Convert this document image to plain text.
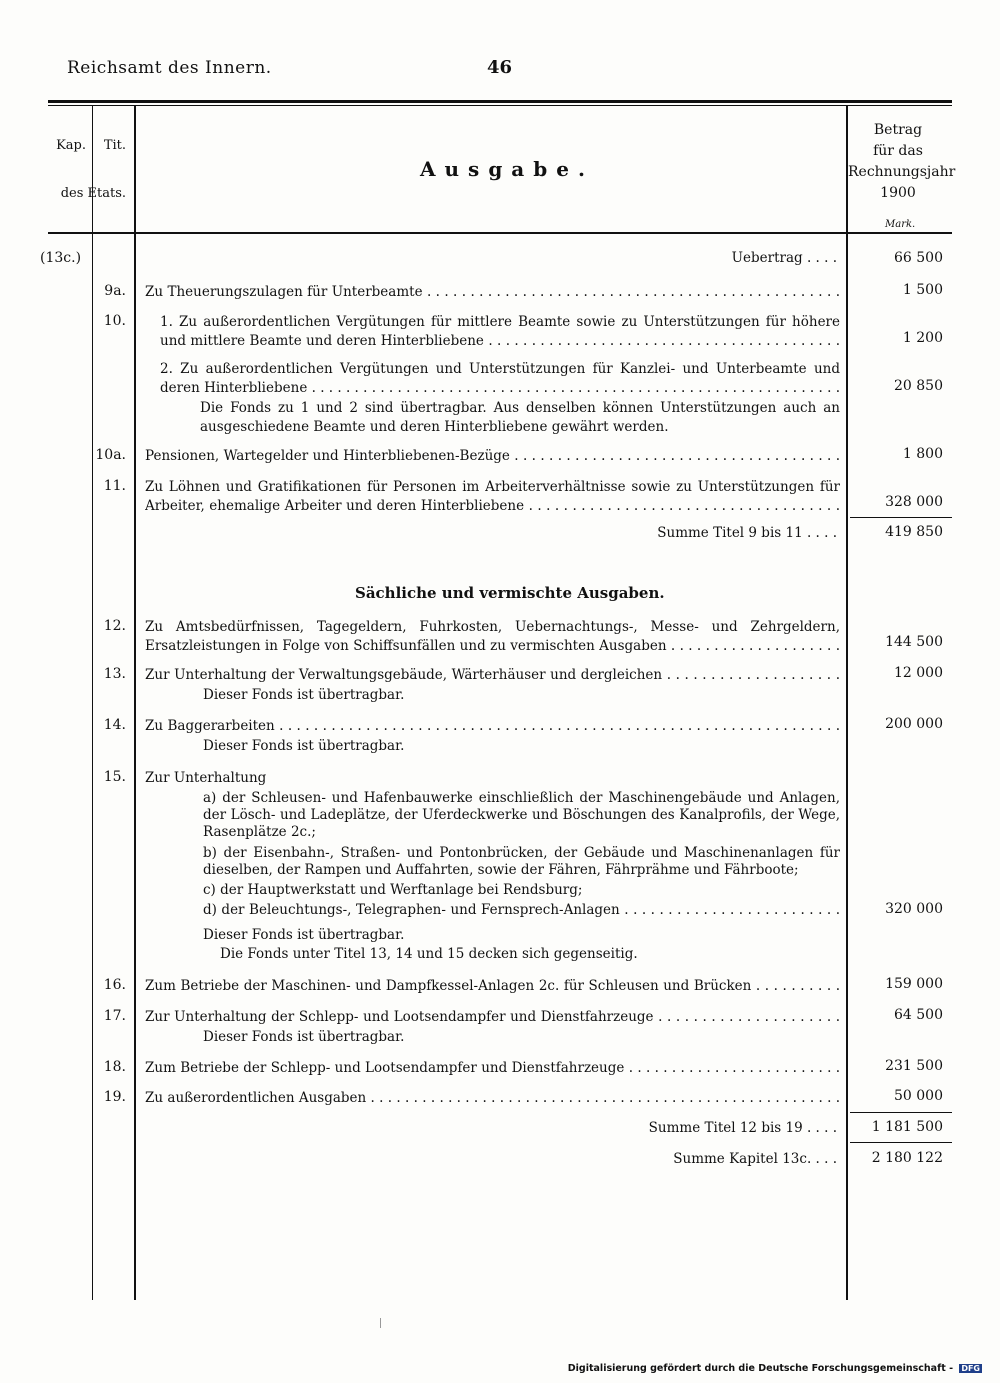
Reichsamt des Innern.	46
Kap.	Tit.
des Etats.
Ausgabe.
Betrag
für das
Rechnungsjahr
1900
Mark.
(13c.)	Uebertrag . . . .	66 500
9a. Zu Theuerungszulagen für Unterbeamte . . . . . . . . . . . . . . . . . . . . . . . . . . . . . . . . . . . . . . . . . . . . . . . .	1 500
10.	1. Zu außerordentlichen Vergütungen für mittlere Beamte sowie zu Unterstützungen für höhere und mittlere Beamte und deren Hinterbliebene . . . . . . . . . . . . . . . . . . . . . . . . . . . . . . . . . . . . . . . . .	1 200
2. Zu außerordentlichen Vergütungen und Unterstützungen für Kanzlei- und Unterbeamte und deren Hinterbliebene . . . . . . . . . . . . . . . . . . . . . . . . . . . . . . . . . . . . . . . . . . . . . . . . . . . . . . . . . . . . . .	20 850
Die Fonds zu 1 und 2 sind übertragbar. Aus denselben können Unterstützungen auch an ausgeschiedene Beamte und deren Hinterbliebene gewährt werden.
10a. Pensionen, Wartegelder und Hinterbliebenen-Bezüge . . . . . . . . . . . . . . . . . . . . . . . . . . . . . . . . . . . . . .	1 800
11. Zu Löhnen und Gratifikationen für Personen im Arbeiterverhältnisse sowie zu Unterstützungen für Arbeiter, ehemalige Arbeiter und deren Hinterbliebene . . . . . . . . . . . . . . . . . . . . . . . . . . . . . . . . . . . .	328 000
Summe Titel 9 bis 11 . . . .	419 850
Sächliche und vermischte Ausgaben.
12. Zu Amtsbedürfnissen, Tagegeldern, Fuhrkosten, Uebernachtungs-, Messe- und Zehrgeldern, Ersatzleistungen in Folge von Schiffsunfällen und zu vermischten Ausgaben . . . . . . . . . . . . . . . . . . . .	144 500
13. Zur Unterhaltung der Verwaltungsgebäude, Wärterhäuser und dergleichen . . . . . . . . . . . . . . . . . . . .	12 000
Dieser Fonds ist übertragbar.
14. Zu Baggerarbeiten . . . . . . . . . . . . . . . . . . . . . . . . . . . . . . . . . . . . . . . . . . . . . . . . . . . . . . . . . . . . . . . . .	200 000
Dieser Fonds ist übertragbar.
15. Zur Unterhaltung
a) der Schleusen- und Hafenbauwerke einschließlich der Maschinengebäude und Anlagen, der Lösch- und Ladeplätze, der Uferdeckwerke und Böschungen des Kanalprofils, der Wege, Rasenplätze 2c.;
b) der Eisenbahn-, Straßen- und Pontonbrücken, der Gebäude und Maschinenanlagen für dieselben, der Rampen und Auffahrten, sowie der Fähren, Fährprähme und Fährboote;
c) der Hauptwerkstatt und Werftanlage bei Rendsburg;
d) der Beleuchtungs-, Telegraphen- und Fernsprech-Anlagen . . . . . . . . . . . . . . . . . . . . . . . . .	320 000
Dieser Fonds ist übertragbar.
Die Fonds unter Titel 13, 14 und 15 decken sich gegenseitig.
16. Zum Betriebe der Maschinen- und Dampfkessel-Anlagen 2c. für Schleusen und Brücken . . . . . . . . . .	159 000
17. Zur Unterhaltung der Schlepp- und Lootsendampfer und Dienstfahrzeuge . . . . . . . . . . . . . . . . . . . . .	64 500
Dieser Fonds ist übertragbar.
18. Zum Betriebe der Schlepp- und Lootsendampfer und Dienstfahrzeuge . . . . . . . . . . . . . . . . . . . . . . . . .	231 500
19. Zu außerordentlichen Ausgaben . . . . . . . . . . . . . . . . . . . . . . . . . . . . . . . . . . . . . . . . . . . . . . . . . . . . . . .	50 000
Summe Titel 12 bis 19 . . . .	1 181 500
Summe Kapitel 13c. . . .	2 180 122
Digitalisierung gefördert durch die Deutsche Forschungsgemeinschaft - DFG
